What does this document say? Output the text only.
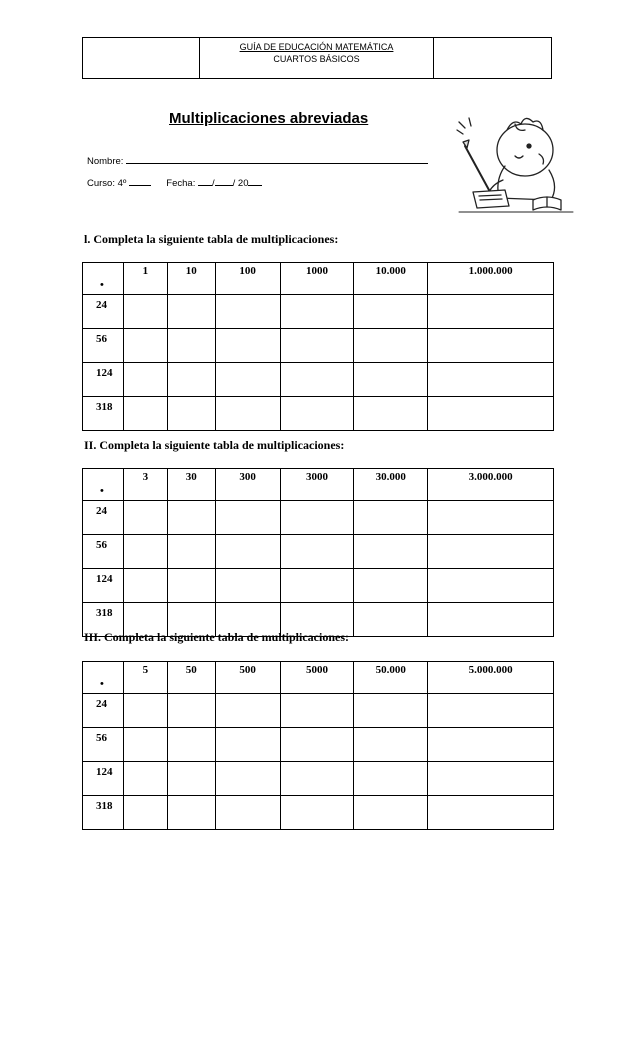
GUÍA DE EDUCACIÓN MATEMÁTICA
CUARTOS BÁSICOS
Multiplicaciones abreviadas
Nombre:
Curso: 4º	Fecha: / / 20

l. Completa la siguiente tabla de multiplicaciones:

•	1	10	100	1000	10.000	1.000.000
24						
56						
124						
318						

II. Completa la siguiente tabla de multiplicaciones:

•	3	30	300	3000	30.000	3.000.000
24						
56						
124						
318						

III. Completa la siguiente tabla de multiplicaciones:

•	5	50	500	5000	50.000	5.000.000
24						
56						
124						
318						
